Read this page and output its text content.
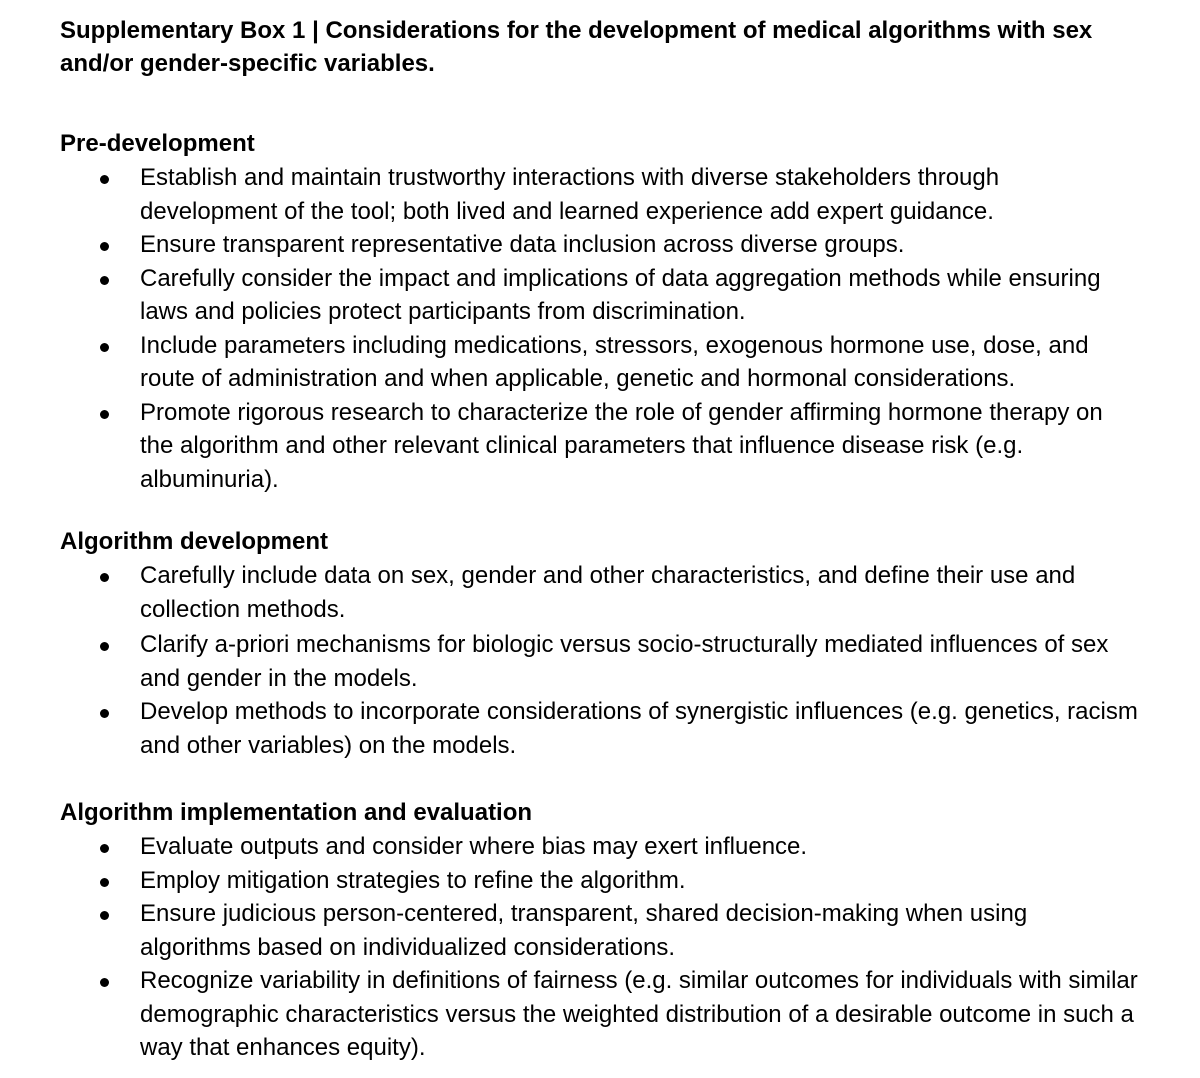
Supplementary Box 1 | Considerations for the development of medical algorithms with sex and/or gender-specific variables.
Pre-development
Establish and maintain trustworthy interactions with diverse stakeholders through development of the tool; both lived and learned experience add expert guidance.
Ensure transparent representative data inclusion across diverse groups.
Carefully consider the impact and implications of data aggregation methods while ensuring laws and policies protect participants from discrimination.
Include parameters including medications, stressors, exogenous hormone use, dose, and route of administration and when applicable, genetic and hormonal considerations.
Promote rigorous research to characterize the role of gender affirming hormone therapy on the algorithm and other relevant clinical parameters that influence disease risk (e.g. albuminuria).
Algorithm development
Carefully include data on sex, gender and other characteristics, and define their use and collection methods.
Clarify a-priori mechanisms for biologic versus socio-structurally mediated influences of sex and gender in the models.
Develop methods to incorporate considerations of synergistic influences (e.g. genetics, racism and other variables) on the models.
Algorithm implementation and evaluation
Evaluate outputs and consider where bias may exert influence.
Employ mitigation strategies to refine the algorithm.
Ensure judicious person-centered, transparent, shared decision-making when using algorithms based on individualized considerations.
Recognize variability in definitions of fairness (e.g. similar outcomes for individuals with similar demographic characteristics versus the weighted distribution of a desirable outcome in such a way that enhances equity).
